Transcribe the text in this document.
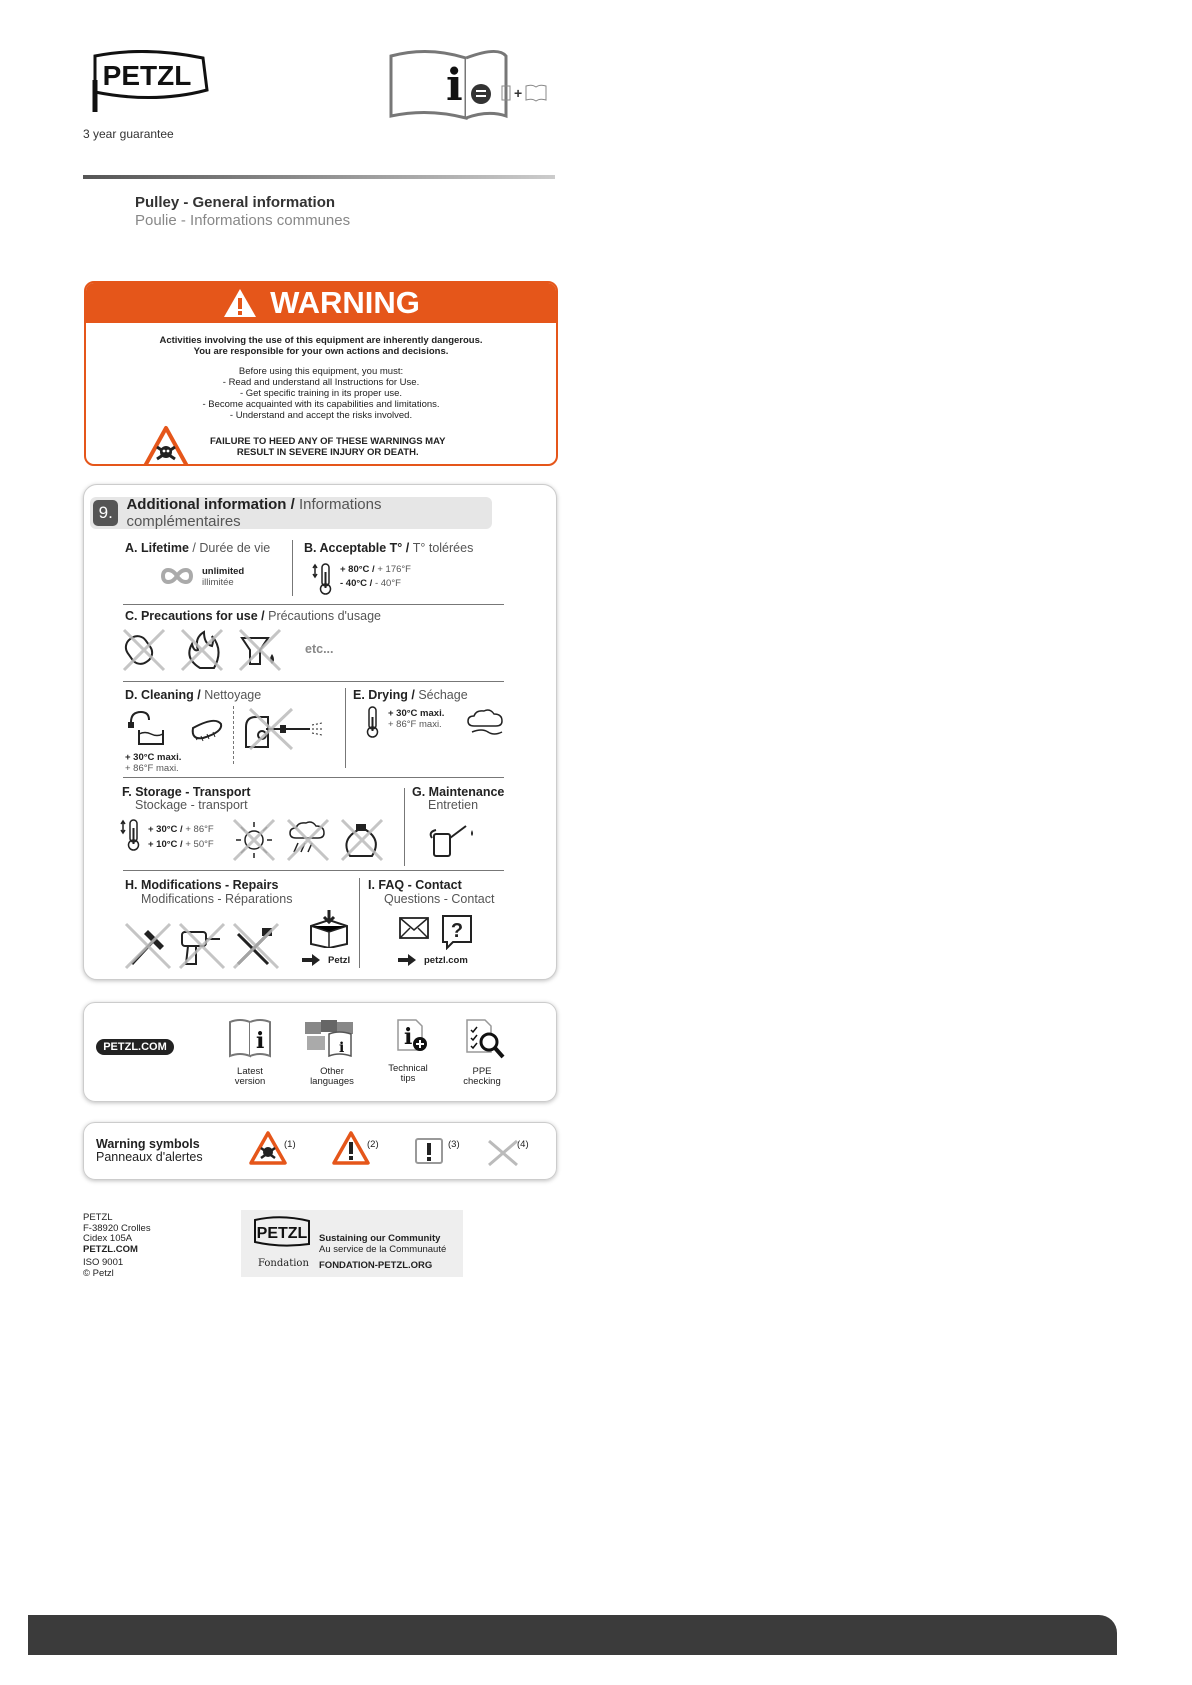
PETZL
3 year guarantee
i	+
Pulley - General information
Poulie - Informations communes
WARNING
Activities involving the use of this equipment are inherently dangerous.
You are responsible for your own actions and decisions.
Before using this equipment, you must:
- Read and understand all Instructions for Use.
- Get specific training in its proper use.
- Become acquainted with its capabilities and limitations.
- Understand and accept the risks involved.
FAILURE TO HEED ANY OF THESE WARNINGS MAY
RESULT IN SEVERE INJURY OR DEATH.
9. Additional information / Informations complémentaires
A. Lifetime / Durée de vie
unlimited
illimitée
B. Acceptable T° / T° tolérées
+ 80°C / + 176°F
- 40°C / - 40°F
C. Precautions for use / Précautions d'usage
etc...
D. Cleaning / Nettoyage
+ 30°C maxi.
+ 86°F maxi.
E. Drying / Séchage
+ 30°C maxi.
+ 86°F maxi.
F. Storage - Transport
Stockage - transport
+ 30°C / + 86°F
+ 10°C / + 50°F
G. Maintenance
Entretien
H. Modifications - Repairs
Modifications - Réparations
Petzl
I. FAQ - Contact
Questions - Contact
?
petzl.com
PETZL.COM	i	i	i
Latest
version
Other
languages
Technical
tips
PPE
checking
Warning symbols
Panneaux d'alertes
(1)	(2)	(3)	(4)
PETZL
F-38920 Crolles
Cidex 105A
PETZL.COM
ISO 9001
© Petzl
PETZL
Fondation
Sustaining our Community
Au service de la Communauté
FONDATION-PETZL.ORG
